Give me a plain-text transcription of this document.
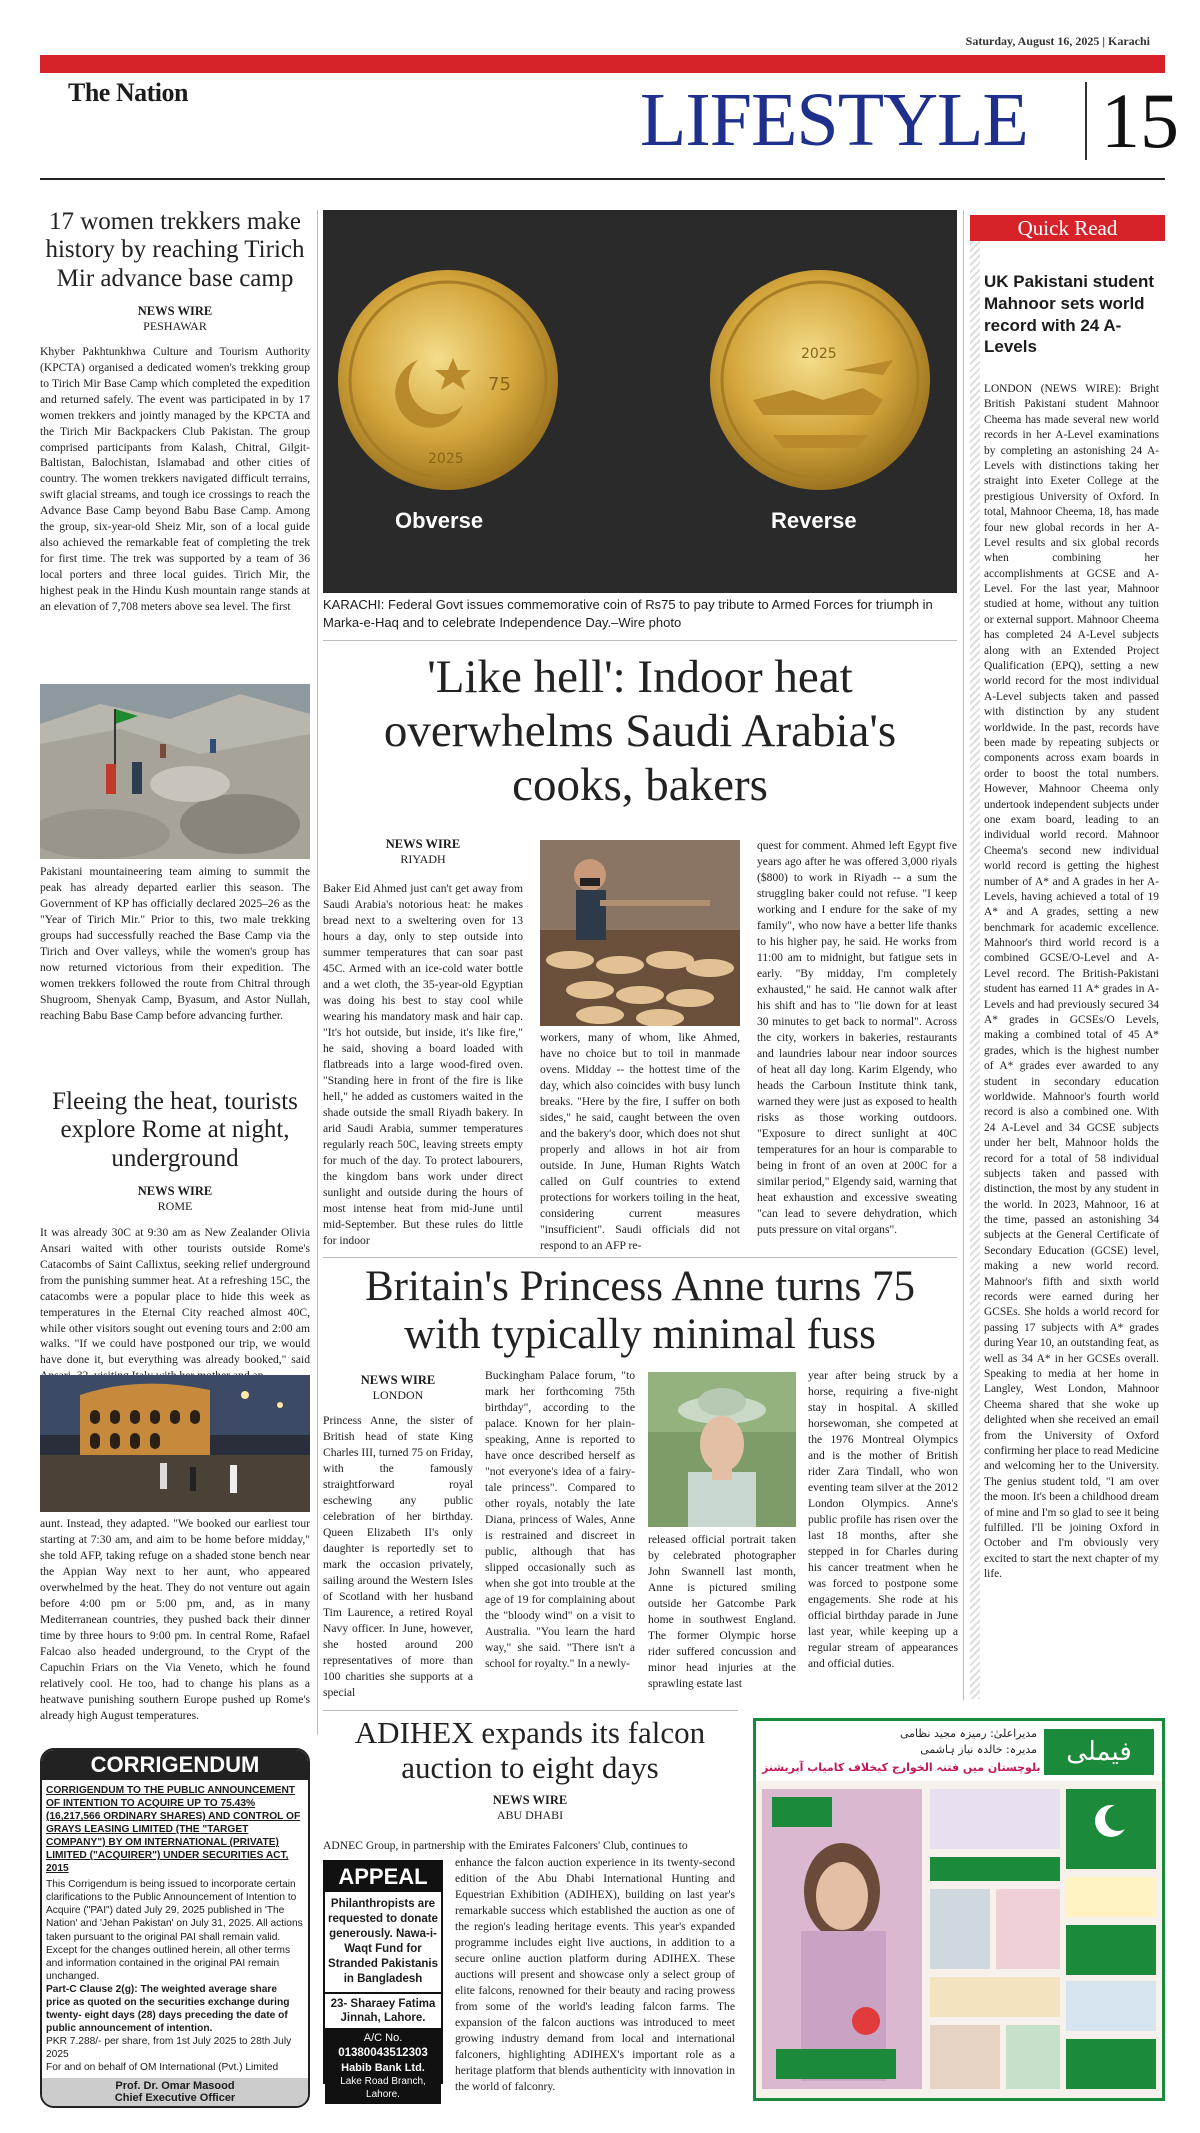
Saturday, August 16, 2025 | Karachi
The Nation	LIFESTYLE 15
17 women trekkers make history by reaching Tirich Mir advance base camp
NEWS WIRE
PESHAWAR
Khyber Pakhtunkhwa Culture and Tourism Authority (KPCTA) organised a dedicated women's trekking group to Tirich Mir Base Camp which completed the expedition and returned safely. The event was participated in by 17 women trekkers and jointly managed by the KPCTA and the Tirich Mir Backpackers Club Pakistan. The group comprised participants from Kalash, Chitral, Gilgit-Baltistan, Balochistan, Islamabad and other cities of country. The women trekkers navigated difficult terrains, swift glacial streams, and tough ice crossings to reach the Advance Base Camp beyond Babu Base Camp. Among the group, six-year-old Sheiz Mir, son of a local guide also achieved the remarkable feat of completing the trek for first time. The trek was supported by a team of 36 local porters and three local guides. Tirich Mir, the highest peak in the Hindu Kush mountain range stands at an elevation of 7,708 meters above sea level. The first
Pakistani mountaineering team aiming to summit the peak has already departed earlier this season. The Government of KP has officially declared 2025–26 as the "Year of Tirich Mir." Prior to this, two male trekking groups had successfully reached the Base Camp via the Tirich and Over valleys, while the women's group has now returned victorious from their expedition. The women trekkers followed the route from Chitral through Shugroom, Shenyak Camp, Byasum, and Astor Nullah, reaching Babu Base Camp before advancing further.
Fleeing the heat, tourists explore Rome at night, underground
NEWS WIRE
ROME
It was already 30C at 9:30 am as New Zealander Olivia Ansari waited with other tourists outside Rome's Catacombs of Saint Callixtus, seeking relief underground from the punishing summer heat. At a refreshing 15C, the catacombs were a popular place to hide this week as temperatures in the Eternal City reached almost 40C, while other visitors sought out evening tours and 2:00 am walks. "If we could have postponed our trip, we would have done it, but everything was already booked," said
aunt. Instead, they adapted. "We booked our earliest tour starting at 7:30 am, and aim to be home before midday," she told AFP, taking refuge on a shaded stone bench near the Appian Way next to her aunt, who appeared overwhelmed by the heat. They do not venture out again before 4:00 pm or 5:00 pm, and, as in many Mediterranean countries, they pushed back their dinner time by three hours to 9:00 pm. In central Rome, Rafael Falcao also headed underground, to the Crypt of the Capuchin Friars on the Via Veneto, which he found relatively cool. He too, had to change his plans as a heatwave punishing southern Europe pushed up Rome's already high August temperatures.
CORRIGENDUM
CORRIGENDUM TO THE PUBLIC ANNOUNCEMENT OF INTENTION TO ACQUIRE UP TO 75.43% (16,217,566 ORDINARY SHARES) AND CONTROL OF GRAYS LEASING LIMITED (THE "TARGET COMPANY") BY OM INTERNATIONAL (PRIVATE) LIMITED ("ACQUIRER") UNDER SECURITIES ACT, 2015
This Corrigendum is being issued to incorporate certain clarifications to the Public Announcement of Intention to Acquire ("PAI") dated July 29, 2025 published in 'The Nation' and 'Jehan Pakistan' on July 31, 2025. All actions taken pursuant to the original PAI shall remain valid. Except for the changes outlined herein, all other terms and information contained in the original PAI remain unchanged.
Part-C Clause 2(g): The weighted average share price as quoted on the securities exchange during twenty- eight days (28) days preceding the date of public announcement of intention.
PKR 7.288/- per share, from 1st July 2025 to 28th July 2025
For and on behalf of OM International (Pvt.) Limited
Prof. Dr. Omar Masood
Chief Executive Officer
75
2025
2025
Obverse	Reverse
KARACHI: Federal Govt issues commemorative coin of Rs75 to pay tribute to Armed Forces for triumph in Marka-e-Haq and to celebrate Independence Day.–Wire photo
'Like hell': Indoor heat overwhelms Saudi Arabia's cooks, bakers
NEWS WIRE
RIYADH
Baker Eid Ahmed just can't get away from Saudi Arabia's notorious heat: he makes bread next to a sweltering oven for 13 hours a day, only to step outside into summer temperatures that can soar past 45C. Armed with an ice-cold water bottle and a wet cloth, the 35-year-old Egyptian was doing his best to stay cool while wearing his mandatory mask and hair cap. "It's hot outside, but inside, it's like fire," he said, shoving a board loaded with flatbreads into a large wood-fired oven. "Standing here in front of the fire is like hell," he added as customers waited in the shade outside the small Riyadh bakery. In arid Saudi Arabia, summer temperatures regularly reach 50C, leaving streets empty for much of the day. To protect labourers, the kingdom bans work under direct sunlight and outside during the hours of most intense heat from mid-June until mid-September. But these rules do little for indoor
workers, many of whom, like Ahmed, have no choice but to toil in manmade ovens. Midday -- the hottest time of the day, which also coincides with busy lunch breaks. "Here by the fire, I suffer on both sides," he said, caught between the oven and the bakery's door, which does not shut properly and allows in hot air from outside. In June, Human Rights Watch called on Gulf countries to extend protections for workers toiling in the heat, considering current measures "insufficient". Saudi officials did not respond to an AFP re-
quest for comment. Ahmed left Egypt five years ago after he was offered 3,000 riyals ($800) to work in Riyadh -- a sum the struggling baker could not refuse. "I keep working and I endure for the sake of my family", who now have a better life thanks to his higher pay, he said. He works from 11:00 am to midnight, but fatigue sets in early. "By midday, I'm completely exhausted," he said. He cannot walk after his shift and has to "lie down for at least 30 minutes to get back to normal". Across the city, workers in bakeries, restaurants and laundries labour near indoor sources of heat all day long. Karim Elgendy, who heads the Carboun Institute think tank, warned they were just as exposed to health risks as those working outdoors. "Exposure to direct sunlight at 40C temperatures for an hour is comparable to being in front of an oven at 200C for a similar period," Elgendy said, warning that heat exhaustion and excessive sweating "can lead to severe dehydration, which puts pressure on vital organs".
Britain's Princess Anne turns 75 with typically minimal fuss
NEWS WIRE
LONDON
Princess Anne, the sister of British head of state King Charles III, turned 75 on Friday, with the famously straightforward royal eschewing any public celebration of her birthday. Queen Elizabeth II's only daughter is reportedly set to mark the occasion privately, sailing around the Western Isles of Scotland with her husband Tim Laurence, a retired Royal Navy officer. In June, however, she hosted around 200 representatives of more than 100 charities she supports at a special
Buckingham Palace forum, "to mark her forthcoming 75th birthday", according to the palace. Known for her plain-speaking, Anne is reported to have once described herself as "not everyone's idea of a fairy-tale princess". Compared to other royals, notably the late Diana, princess of Wales, Anne is restrained and discreet in public, although that has slipped occasionally such as when she got into trouble at the age of 19 for complaining about the "bloody wind" on a visit to Australia. "You learn the hard way," she said. "There isn't a school for royalty." In a newly-
released official portrait taken by celebrated photographer John Swannell last month, Anne is pictured smiling outside her Gatcombe Park home in southwest England. The former Olympic horse rider suffered concussion and minor head injuries at the sprawling estate last
year after being struck by a horse, requiring a five-night stay in hospital. A skilled horsewoman, she competed at the 1976 Montreal Olympics and is the mother of British rider Zara Tindall, who won eventing team silver at the 2012 London Olympics. Anne's public profile has risen over the last 18 months, after she stepped in for Charles during his cancer treatment when he was forced to postpone some engagements. She rode at his official birthday parade in June last year, while keeping up a regular stream of appearances and official duties.
ADIHEX expands its falcon auction to eight days
NEWS WIRE
ABU DHABI
ADNEC Group, in partnership with the Emirates Falconers' Club, continues to
enhance the falcon auction experience in its twenty-second edition of the Abu Dhabi International Hunting and Equestrian Exhibition (ADIHEX), building on last year's remarkable success which established the auction as one of the region's leading heritage events. This year's expanded programme includes eight live auctions, in addition to a secure online auction platform during ADIHEX. These auctions will present and showcase only a select group of elite falcons, renowned for their beauty and racing prowess from some of the world's leading falcon farms. The expansion of the falcon auctions was introduced to meet growing industry demand from local and international falconers, highlighting ADIHEX's important role as a heritage platform that blends authenticity with innovation in the world of falconry.
APPEAL
Philanthropists are requested to donate generously. Nawa-i-Waqt Fund for Stranded Pakistanis in Bangladesh
23- Sharaey Fatima Jinnah, Lahore.
A/C No.
01380043512303
Habib Bank Ltd.
Lake Road Branch, Lahore.
Quick Read
UK Pakistani student Mahnoor sets world record with 24 A-Levels
LONDON (NEWS WIRE): Bright British Pakistani student Mahnoor Cheema has made several new world records in her A-Level examinations by completing an astonishing 24 A-Levels with distinctions taking her straight into Exeter College at the prestigious University of Oxford. In total, Mahnoor Cheema, 18, has made four new global records in her A-Level results and six global records when combining her accomplishments at GCSE and A-Level. For the last year, Mahnoor studied at home, without any tuition or external support. Mahnoor Cheema has completed 24 A-Level subjects along with an Extended Project Qualification (EPQ), setting a new world record for the most individual A-Level subjects taken and passed with distinction by any student worldwide. In the past, records have been made by repeating subjects or components across exam boards in order to boost the total numbers. However, Mahnoor Cheema only undertook independent subjects under one exam board, leading to an individual world record. Mahnoor Cheema's second new individual world record is getting the highest number of A* and A grades in her A-Levels, having achieved a total of 19 A* and A grades, setting a new benchmark for academic excellence. Mahnoor's third world record is a combined GCSE/O-Level and A-Level record. The British-Pakistani student has earned 11 A* grades in A-Levels and had previously secured 34 A* grades in GCSEs/O Levels, making a combined total of 45 A* grades, which is the highest number of A* grades ever awarded to any student in secondary education worldwide. Mahnoor's fourth world record is also a combined one. With 24 A-Level and 34 GCSE subjects under her belt, Mahnoor holds the record for a total of 58 individual subjects taken and passed with distinction, the most by any student in the world. In 2023, Mahnoor, 16 at the time, passed an astonishing 34 subjects at the General Certificate of Secondary Education (GCSE) level, making a new world record. Mahnoor's fifth and sixth world records were earned during her GCSEs. She holds a world record for passing 17 subjects with A* grades during Year 10, an outstanding feat, as well as 34 A* in her GCSEs overall. Speaking to media at her home in Langley, West London, Mahnoor Cheema shared that she woke up delighted when she received an email from the University of Oxford confirming her place to read Medicine and welcoming her to the University. The genius student told, "I am over the moon. It's been a childhood dream of mine and I'm so glad to see it being fulfilled. I'll be joining Oxford in October and I'm obviously very excited to start the next chapter of my life.
فیملی
مدیراعلیٰ: رمیزہ مجید نظامی
مدیرہ: خالدہ نیاز ہاشمی
بلوچستان میں فتنہ الخوارج کیخلاف کامیاب آپریشنز
